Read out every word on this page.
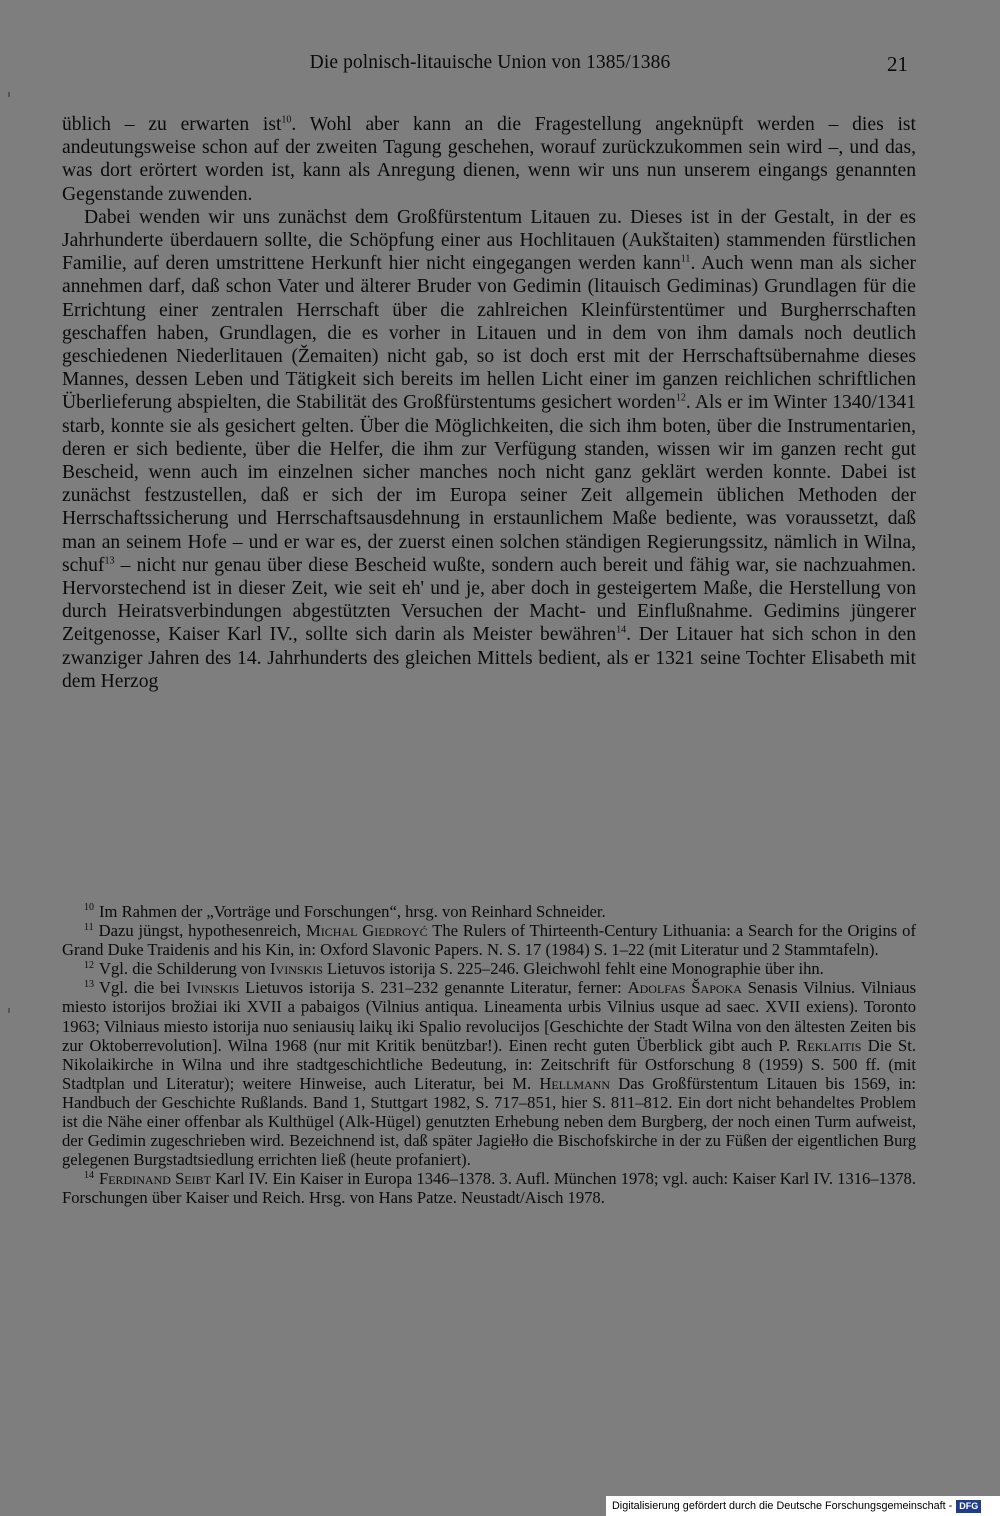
Die polnisch-litauische Union von 1385/1386	21

üblich – zu erwarten ist$^{10}$. Wohl aber kann an die Fragestellung angeknüpft werden – dies ist andeutungsweise schon auf der zweiten Tagung geschehen, worauf zurückzukommen sein wird –, und das, was dort erörtert worden ist, kann als Anregung dienen, wenn wir uns nun unserem eingangs genannten Gegenstande zuwenden.

Dabei wenden wir uns zunächst dem Großfürstentum Litauen zu. Dieses ist in der Gestalt, in der es Jahrhunderte überdauern sollte, die Schöpfung einer aus Hochlitauen (Aukštaiten) stammenden fürstlichen Familie, auf deren umstrittene Herkunft hier nicht eingegangen werden kann$^{11}$. Auch wenn man als sicher annehmen darf, daß schon Vater und älterer Bruder von Gedimin (litauisch Gediminas) Grundlagen für die Errichtung einer zentralen Herrschaft über die zahlreichen Kleinfürstentümer und Burgherrschaften geschaffen haben, Grundlagen, die es vorher in Litauen und in dem von ihm damals noch deutlich geschiedenen Niederlitauen (Žemaiten) nicht gab, so ist doch erst mit der Herrschaftsübernahme dieses Mannes, dessen Leben und Tätigkeit sich bereits im hellen Licht einer im ganzen reichlichen schriftlichen Überlieferung abspielten, die Stabilität des Großfürstentums gesichert worden$^{12}$. Als er im Winter 1340/1341 starb, konnte sie als gesichert gelten. Über die Möglichkeiten, die sich ihm boten, über die Instrumentarien, deren er sich bediente, über die Helfer, die ihm zur Verfügung standen, wissen wir im ganzen recht gut Bescheid, wenn auch im einzelnen sicher manches noch nicht ganz geklärt werden konnte. Dabei ist zunächst festzustellen, daß er sich der im Europa seiner Zeit allgemein üblichen Methoden der Herrschaftssicherung und Herrschaftsausdehnung in erstaunlichem Maße bediente, was voraussetzt, daß man an seinem Hofe – und er war es, der zuerst einen solchen ständigen Regierungssitz, nämlich in Wilna, schuf$^{13}$ – nicht nur genau über diese Bescheid wußte, sondern auch bereit und fähig war, sie nachzuahmen. Hervorstechend ist in dieser Zeit, wie seit eh' und je, aber doch in gesteigertem Maße, die Herstellung von durch Heiratsverbindungen abgestützten Versuchen der Macht- und Einflußnahme. Gedimins jüngerer Zeitgenosse, Kaiser Karl IV., sollte sich darin als Meister bewähren$^{14}$. Der Litauer hat sich schon in den zwanziger Jahren des 14. Jahrhunderts des gleichen Mittels bedient, als er 1321 seine Tochter Elisabeth mit dem Herzog

$^{10}$ Im Rahmen der „Vorträge und Forschungen“, hrsg. von Reinhard Schneider.

$^{11}$ Dazu jüngst, hypothesenreich, Michal Giedroyć The Rulers of Thirteenth-Century Lithuania: a Search for the Origins of Grand Duke Traidenis and his Kin, in: Oxford Slavonic Papers. N. S. 17 (1984) S. 1–22 (mit Literatur und 2 Stammtafeln).

$^{12}$ Vgl. die Schilderung von Ivinskis Lietuvos istorija S. 225–246. Gleichwohl fehlt eine Monographie über ihn.

$^{13}$ Vgl. die bei Ivinskis Lietuvos istorija S. 231–232 genannte Literatur, ferner: Adolfas Šapoka Senasis Vilnius. Vilniaus miesto istorijos brožiai iki XVII a pabaigos (Vilnius antiqua. Lineamenta urbis Vilnius usque ad saec. XVII exiens). Toronto 1963; Vilniaus miesto istorija nuo seniausių laikų iki Spalio revolucijos [Geschichte der Stadt Wilna von den ältesten Zeiten bis zur Oktoberrevolution]. Wilna 1968 (nur mit Kritik benützbar!). Einen recht guten Überblick gibt auch P. Reklaitis Die St. Nikolaikirche in Wilna und ihre stadtgeschichtliche Bedeutung, in: Zeitschrift für Ostforschung 8 (1959) S. 500 ff. (mit Stadtplan und Literatur); weitere Hinweise, auch Literatur, bei M. Hellmann Das Großfürstentum Litauen bis 1569, in: Handbuch der Geschichte Rußlands. Band 1, Stuttgart 1982, S. 717–851, hier S. 811–812. Ein dort nicht behandeltes Problem ist die Nähe einer offenbar als Kulthügel (Alk-Hügel) genutzten Erhebung neben dem Burgberg, der noch einen Turm aufweist, der Gedimin zugeschrieben wird. Bezeichnend ist, daß später Jagiełło die Bischofskirche in der zu Füßen der eigentlichen Burg gelegenen Burgstadtsiedlung errichten ließ (heute profaniert).

$^{14}$ Ferdinand Seibt Karl IV. Ein Kaiser in Europa 1346–1378. 3. Aufl. München 1978; vgl. auch: Kaiser Karl IV. 1316–1378. Forschungen über Kaiser und Reich. Hrsg. von Hans Patze. Neustadt/Aisch 1978.

Digitalisierung gefördert durch die Deutsche Forschungsgemeinschaft - DFG
